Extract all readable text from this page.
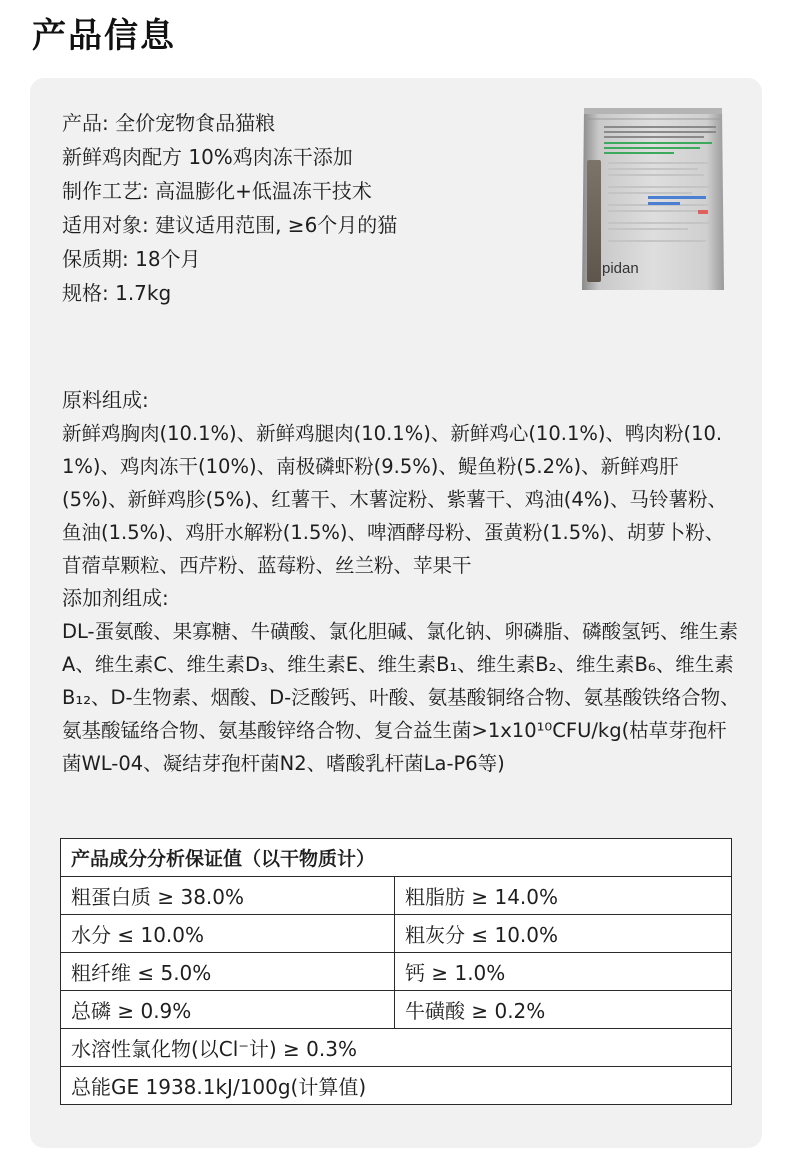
产品信息
产品: 全价宠物食品猫粮
新鲜鸡肉配方 10%鸡肉冻干添加
制作工艺: 高温膨化+低温冻干技术
适用对象: 建议适用范围, ≥6个月的猫
保质期: 18个月
规格: 1.7kg
pidan
原料组成:
新鲜鸡胸肉(10.1%)、新鲜鸡腿肉(10.1%)、新鲜鸡心(10.1%)、鸭肉粉(10.1%)、鸡肉冻干(10%)、南极磷虾粉(9.5%)、鳀鱼粉(5.2%)、新鲜鸡肝(5%)、新鲜鸡胗(5%)、红薯干、木薯淀粉、紫薯干、鸡油(4%)、马铃薯粉、鱼油(1.5%)、鸡肝水解粉(1.5%)、啤酒酵母粉、蛋黄粉(1.5%)、胡萝卜粉、苜蓿草颗粒、西芹粉、蓝莓粉、丝兰粉、苹果干
添加剂组成:
DL-蛋氨酸、果寡糖、牛磺酸、氯化胆碱、氯化钠、卵磷脂、磷酸氢钙、维生素A、维生素C、维生素D₃、维生素E、维生素B₁、维生素B₂、维生素B₆、维生素B₁₂、D-生物素、烟酸、D-泛酸钙、叶酸、氨基酸铜络合物、氨基酸铁络合物、氨基酸锰络合物、氨基酸锌络合物、复合益生菌>1x10¹⁰CFU/kg(枯草芽孢杆菌WL-04、凝结芽孢杆菌N2、嗜酸乳杆菌La-P6等)
产品成分分析保证值（以干物质计）	
粗蛋白质 ≥ 38.0%	粗脂肪 ≥ 14.0%
水分 ≤ 10.0%	粗灰分 ≤ 10.0%
粗纤维 ≤ 5.0%	钙 ≥ 1.0%
总磷 ≥ 0.9%	牛磺酸 ≥ 0.2%
水溶性氯化物(以Cl⁻计) ≥ 0.3%	
总能GE 1938.1kJ/100g(计算值)	
